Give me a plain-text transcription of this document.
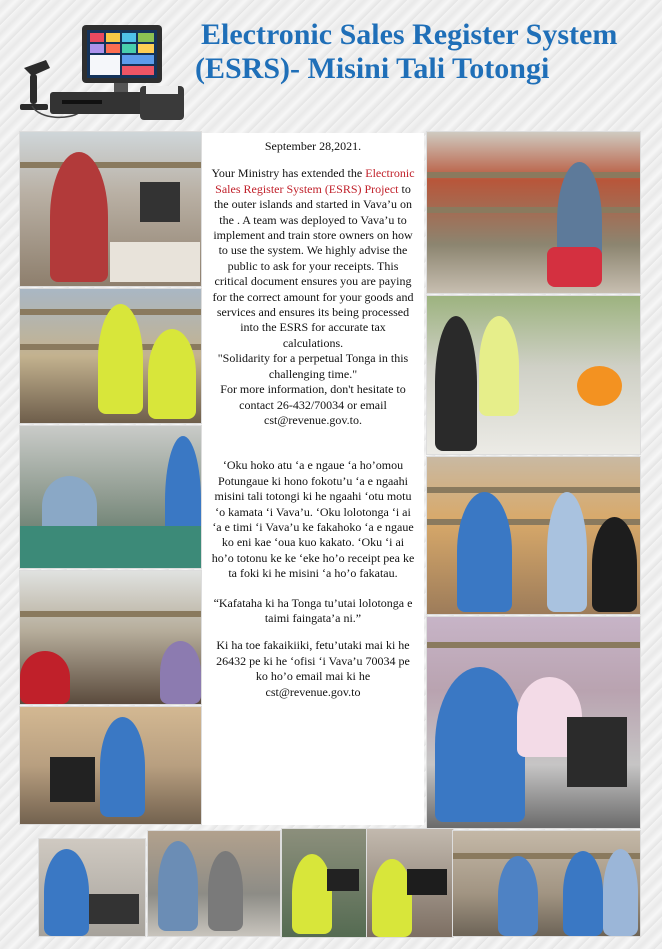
Electronic Sales Register System
(ESRS)- Misini Tali Totongi

September 28,2021.

Your Ministry has extended the Electronic Sales Register System (ESRS) Project to the outer islands and started in Vava’u on the . A team was deployed to Vava’u to implement and train store owners on how to use the system. We highly advise the public to ask for your receipts. This critical document ensures you are paying for the correct amount for your goods and services and ensures its being processed into the ESRS for accurate tax calculations.

"Solidarity for a perpetual Tonga in this challenging time."

For more information, don't hesitate to contact 26-432/70034 or email cst@revenue.gov.to.

‘Oku hoko atu ‘a e ngaue ‘a ho’omou Potungaue ki hono fokotu’u ‘a e ngaahi misini tali totongi ki he ngaahi ‘otu motu ‘o kamata ‘i Vava’u. ‘Oku lolotonga ‘i ai ‘a e timi ‘i Vava’u ke fakahoko ‘a e ngaue ko eni kae ‘oua kuo kakato. ‘Oku ‘i ai ho’o totonu ke ke ‘eke ho’o receipt pea ke ta foki ki he misini ‘a ho’o fakatau.

“Kafataha ki ha Tonga tu’utai lolotonga e taimi faingata’a ni.”

Ki ha toe fakaikiiki, fetu’utaki mai ki he 26432 pe ki he ‘ofisi ‘i Vava’u 70034 pe ko ho’o email mai ki he cst@revenue.gov.to
